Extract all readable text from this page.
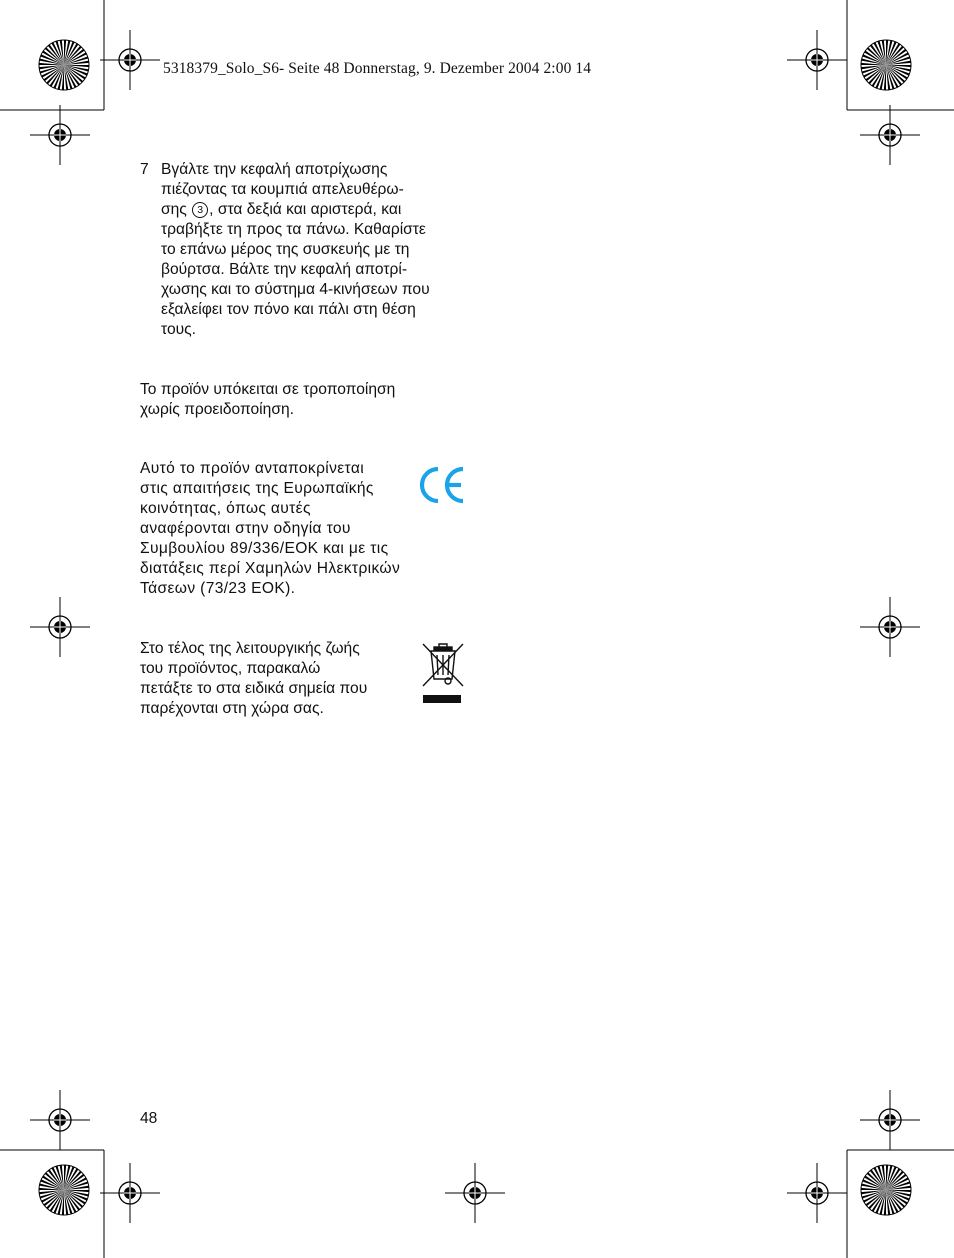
5318379_Solo_S6- Seite 48 Donnerstag, 9. Dezember 2004 2:00 14
7 Βγάλτε την κεφαλή αποτρίχωσης
πιέζοντας τα κουμπιά απελευθέρω-
σης 3 , στα δεξιά και αριστερά, και
τραβήξτε τη προς τα πάνω. Καθαρίστε
το επάνω μέρος της συσκευής με τη
βούρτσα. Βάλτε την κεφαλή αποτρί-
χωσης και το σύστημα 4-κινήσεων που
εξαλείφει τον πόνο και πάλι στη θέση
τους.
Το προϊόν υπόκειται σε τροποποίηση
χωρίς προειδοποίηση.
Αυτό το προϊόν ανταποκρίνεται
στις απαιτήσεις της Ευρωπαϊκής
κοινότητας, όπως αυτές
αναφέρονται στην οδηγία του
Συμβουλίου 89/336/ΕΟΚ και με τις
διατάξεις περί Χαμηλών Ηλεκτρικών
Τάσεων (73/23 ΕΟΚ).
Στο τέλος της λειτουργικής ζωής
του προϊόντος, παρακαλώ
πετάξτε το στα ειδικά σημεία που
παρέχονται στη χώρα σας.
48
